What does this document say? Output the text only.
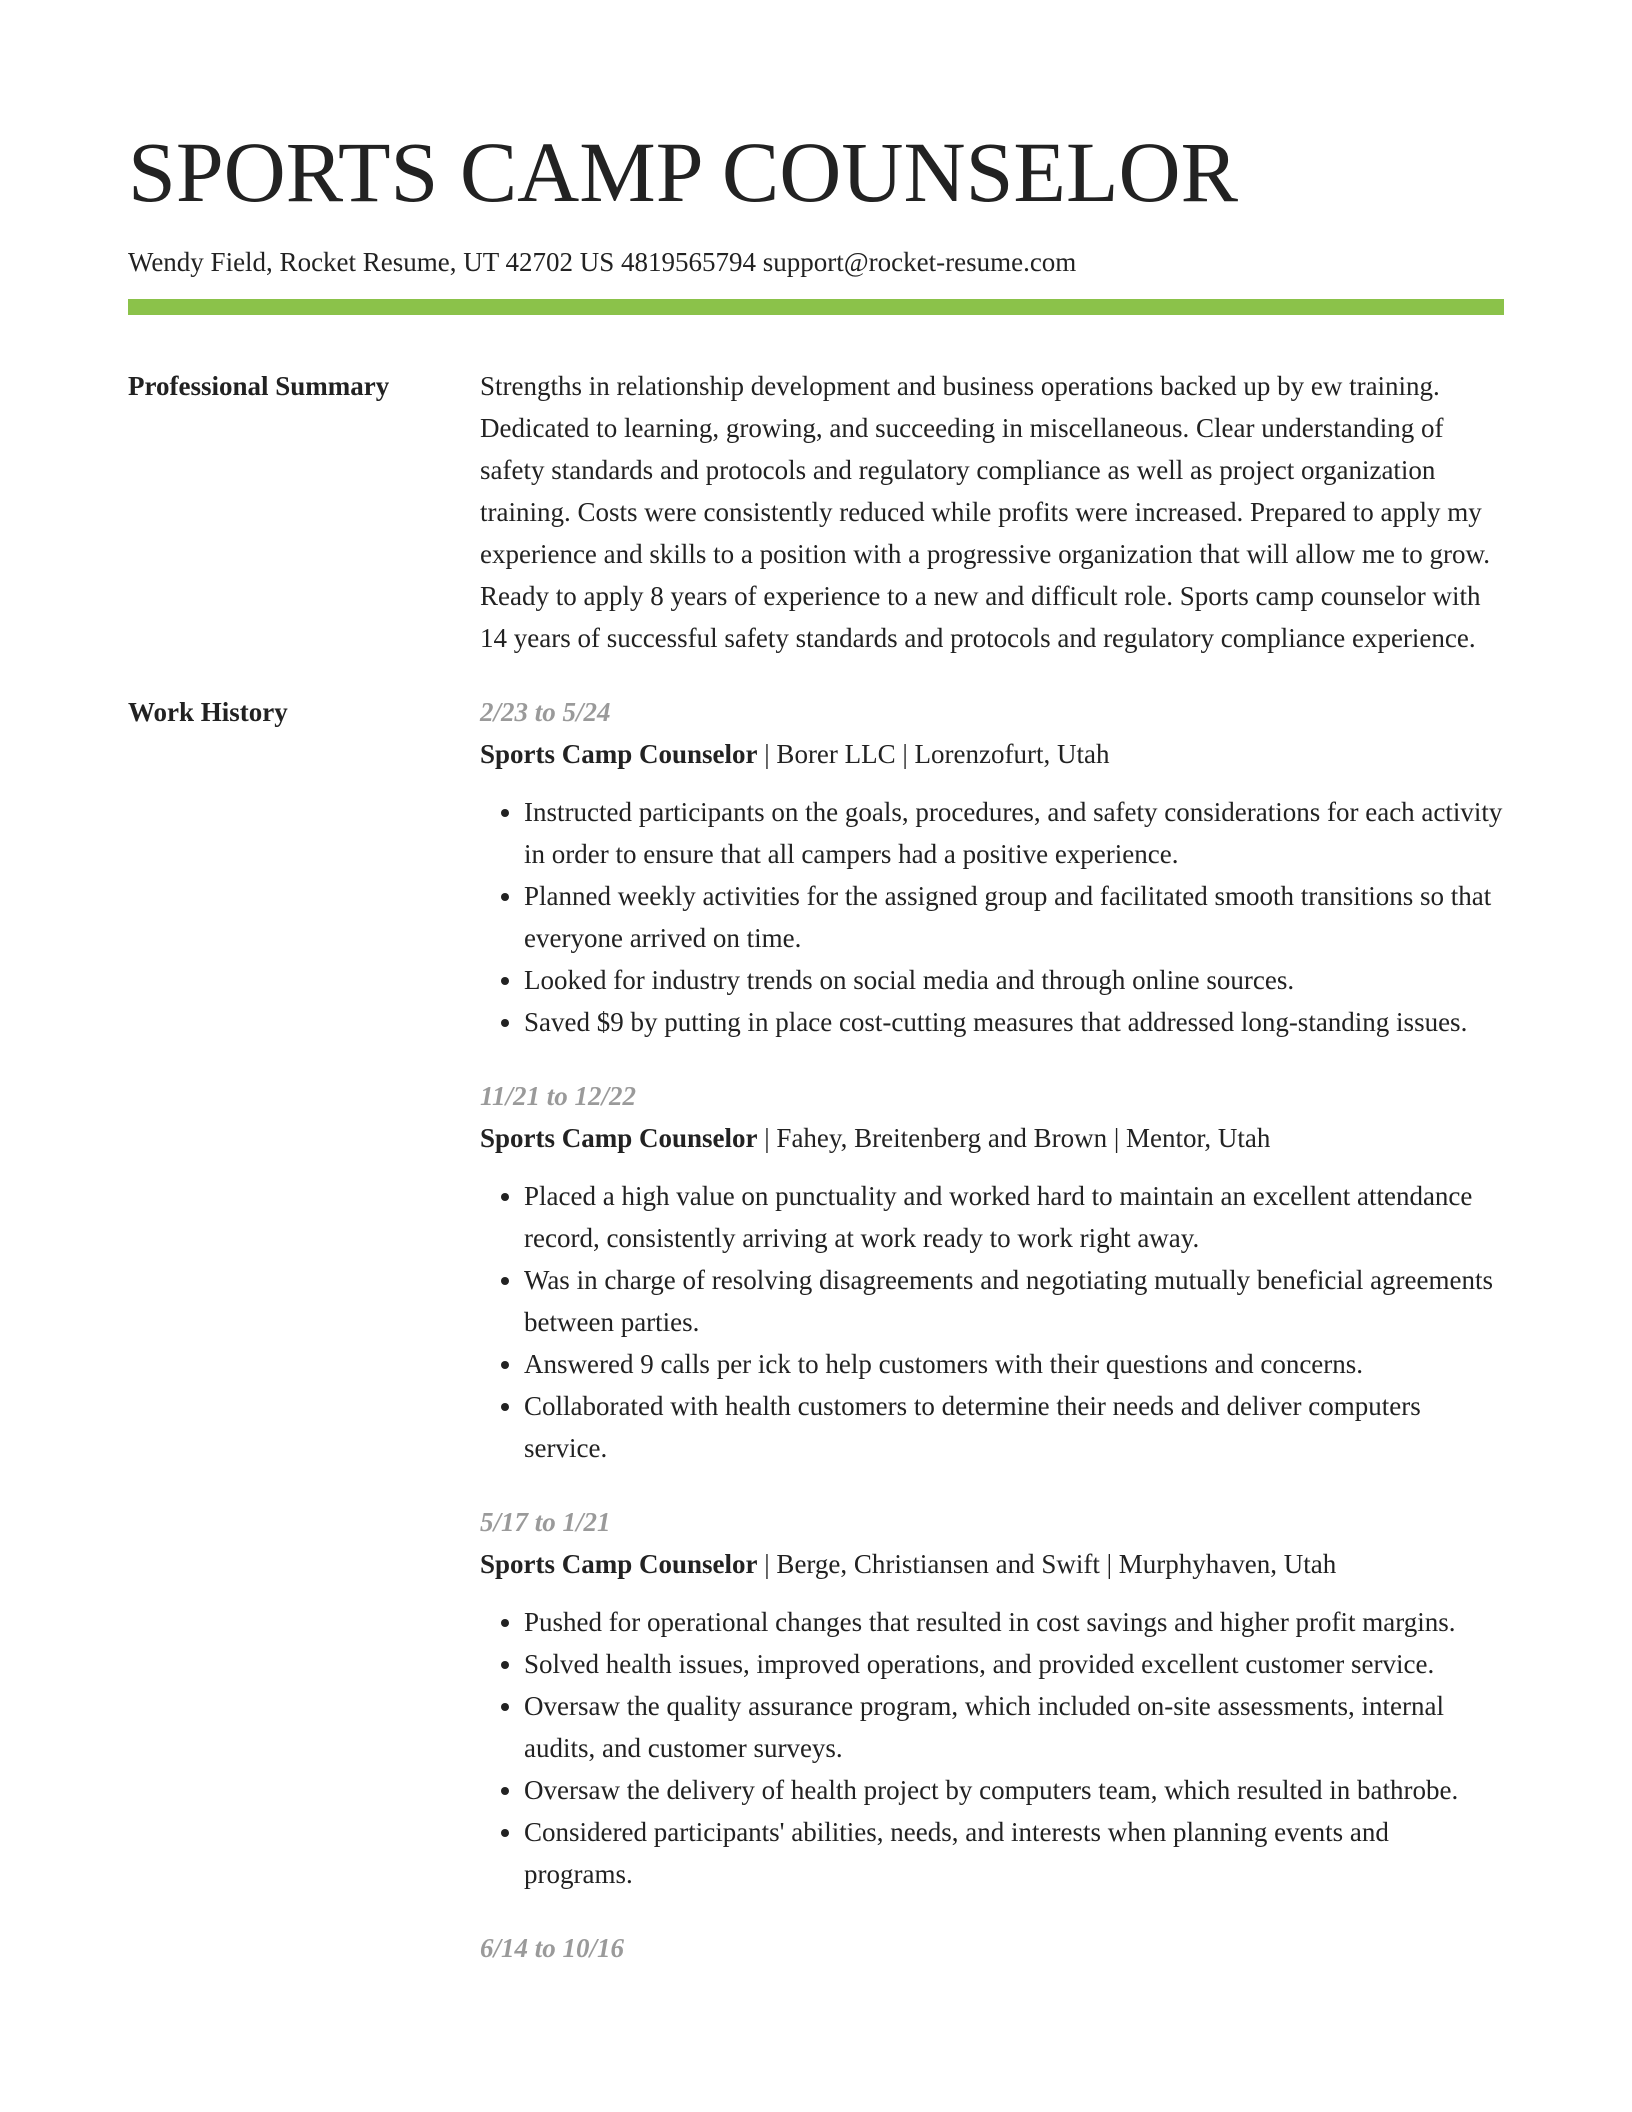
SPORTS CAMP COUNSELOR
Wendy Field, Rocket Resume, UT 42702 US 4819565794 support@rocket-resume.com
Professional Summary	Strengths in relationship development and business operations backed up by ew training. Dedicated to learning, growing, and succeeding in miscellaneous. Clear understanding of safety standards and protocols and regulatory compliance as well as project organization training. Costs were consistently reduced while profits were increased. Prepared to apply my experience and skills to a position with a progressive organization that will allow me to grow. Ready to apply 8 years of experience to a new and difficult role. Sports camp counselor with 14 years of successful safety standards and protocols and regulatory compliance experience.
Work History	2/23 to 5/24
Sports Camp Counselor | Borer LLC | Lorenzofurt, Utah
• Instructed participants on the goals, procedures, and safety considerations for each activity in order to ensure that all campers had a positive experience.
• Planned weekly activities for the assigned group and facilitated smooth transitions so that everyone arrived on time.
• Looked for industry trends on social media and through online sources.
• Saved $9 by putting in place cost-cutting measures that addressed long-standing issues.
11/21 to 12/22
Sports Camp Counselor | Fahey, Breitenberg and Brown | Mentor, Utah
• Placed a high value on punctuality and worked hard to maintain an excellent attendance record, consistently arriving at work ready to work right away.
• Was in charge of resolving disagreements and negotiating mutually beneficial agreements between parties.
• Answered 9 calls per ick to help customers with their questions and concerns.
• Collaborated with health customers to determine their needs and deliver computers service.
5/17 to 1/21
Sports Camp Counselor | Berge, Christiansen and Swift | Murphyhaven, Utah
• Pushed for operational changes that resulted in cost savings and higher profit margins.
• Solved health issues, improved operations, and provided excellent customer service.
• Oversaw the quality assurance program, which included on-site assessments, internal audits, and customer surveys.
• Oversaw the delivery of health project by computers team, which resulted in bathrobe.
• Considered participants' abilities, needs, and interests when planning events and programs.
6/14 to 10/16
